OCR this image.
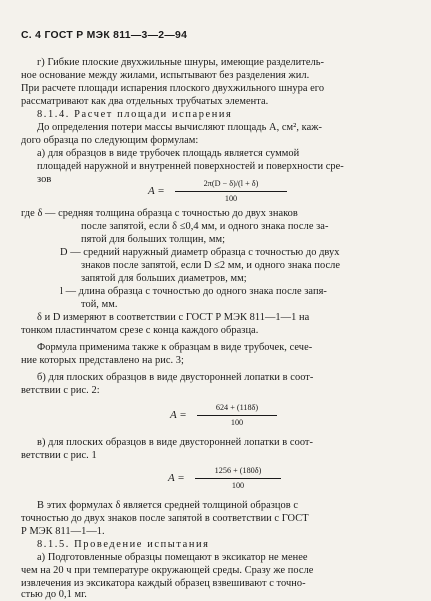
С. 4 ГОСТ Р МЭК 811—3—2—94
г) Гибкие плоские двухжильные шнуры, имеющие разделитель-
ное основание между жилами, испытывают без разделения жил.
При расчете площади испарения плоского двухжильного шнура его
рассматривают как два отдельных трубчатых элемента.
8.1.4. Расчет площади испарения
До определения потери массы вычисляют площадь A, см², каж-
дого образца по следующим формулам:
а) для образцов в виде трубочек площадь является суммой
площадей наружной и внутренней поверхностей и поверхности сре-
зов
A =
2π(D − δ)/(l + δ)
100
где δ — средняя толщина образца с точностью до двух знаков
после запятой, если δ ≤0,4 мм, и одного знака после за-
пятой для больших толщин, мм;
D — средний наружный диаметр образца с точностью до двух
знаков после запятой, если D ≤2 мм, и одного знака после
запятой для больших диаметров, мм;
l — длина образца с точностью до одного знака после запя-
той, мм.
δ и D измеряют в соответствии с ГОСТ Р МЭК 811—1—1 на
тонком пластинчатом срезе с конца каждого образца.
Формула применима также к образцам в виде трубочек, сече-
ние которых представлено на рис. 3;
б) для плоских образцов в виде двусторонней лопатки в соот-
ветствии с рис. 2:
A =
624 + (118δ)
100
в) для плоских образцов в виде двусторонней лопатки в соот-
ветствии с рис. 1
A =
1256 + (180δ)
100
В этих формулах δ является средней толщиной образцов с
точностью до двух знаков после запятой в соответствии с ГОСТ
Р МЭК 811—1—1.
8.1.5. Проведение испытания
а) Подготовленные образцы помещают в эксикатор не менее
чем на 20 ч при температуре окружающей среды. Сразу же после
извлечения из эксикатора каждый образец взвешивают с точно-
стью до 0,1 мг.
